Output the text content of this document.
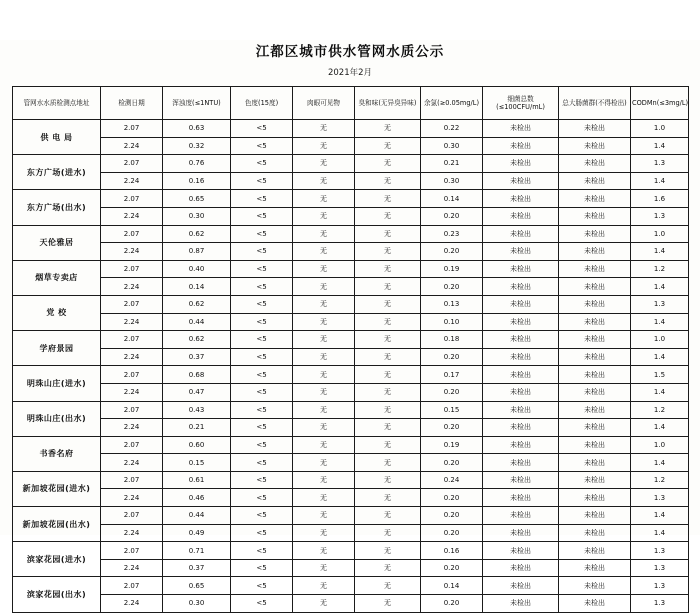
江都区城市供水管网水质公示
2021年2月
管网水水质检测点地址	检测日期	浑浊度(≤1NTU)	色度(15度)	肉眼可见物	臭和味(无异臭异味)	余氯(≥0.05mg/L)	细菌总数(≤100CFU/mL)	总大肠菌群(不得检出)	CODMn(≤3mg/L)
供 电 局	2.07	0.63	<5	无	无	0.22	未检出	未检出	1.0
	2.24	0.32	<5	无	无	0.30	未检出	未检出	1.4
东方广场(进水)	2.07	0.76	<5	无	无	0.21	未检出	未检出	1.3
	2.24	0.16	<5	无	无	0.30	未检出	未检出	1.4
东方广场(出水)	2.07	0.65	<5	无	无	0.14	未检出	未检出	1.6
	2.24	0.30	<5	无	无	0.20	未检出	未检出	1.3
天伦雅居	2.07	0.62	<5	无	无	0.23	未检出	未检出	1.0
	2.24	0.87	<5	无	无	0.20	未检出	未检出	1.4
烟草专卖店	2.07	0.40	<5	无	无	0.19	未检出	未检出	1.2
	2.24	0.14	<5	无	无	0.20	未检出	未检出	1.4
党 校	2.07	0.62	<5	无	无	0.13	未检出	未检出	1.3
	2.24	0.44	<5	无	无	0.10	未检出	未检出	1.4
学府景园	2.07	0.62	<5	无	无	0.18	未检出	未检出	1.0
	2.24	0.37	<5	无	无	0.20	未检出	未检出	1.4
明珠山庄(进水)	2.07	0.68	<5	无	无	0.17	未检出	未检出	1.5
	2.24	0.47	<5	无	无	0.20	未检出	未检出	1.4
明珠山庄(出水)	2.07	0.43	<5	无	无	0.15	未检出	未检出	1.2
	2.24	0.21	<5	无	无	0.20	未检出	未检出	1.4
书香名府	2.07	0.60	<5	无	无	0.19	未检出	未检出	1.0
	2.24	0.15	<5	无	无	0.20	未检出	未检出	1.4
新加坡花园(进水)	2.07	0.61	<5	无	无	0.24	未检出	未检出	1.2
	2.24	0.46	<5	无	无	0.20	未检出	未检出	1.3
新加坡花园(出水)	2.07	0.44	<5	无	无	0.20	未检出	未检出	1.4
	2.24	0.49	<5	无	无	0.20	未检出	未检出	1.4
滨家花园(进水)	2.07	0.71	<5	无	无	0.16	未检出	未检出	1.3
	2.24	0.37	<5	无	无	0.20	未检出	未检出	1.3
滨家花园(出水)	2.07	0.65	<5	无	无	0.14	未检出	未检出	1.3
	2.24	0.30	<5	无	无	0.20	未检出	未检出	1.3
